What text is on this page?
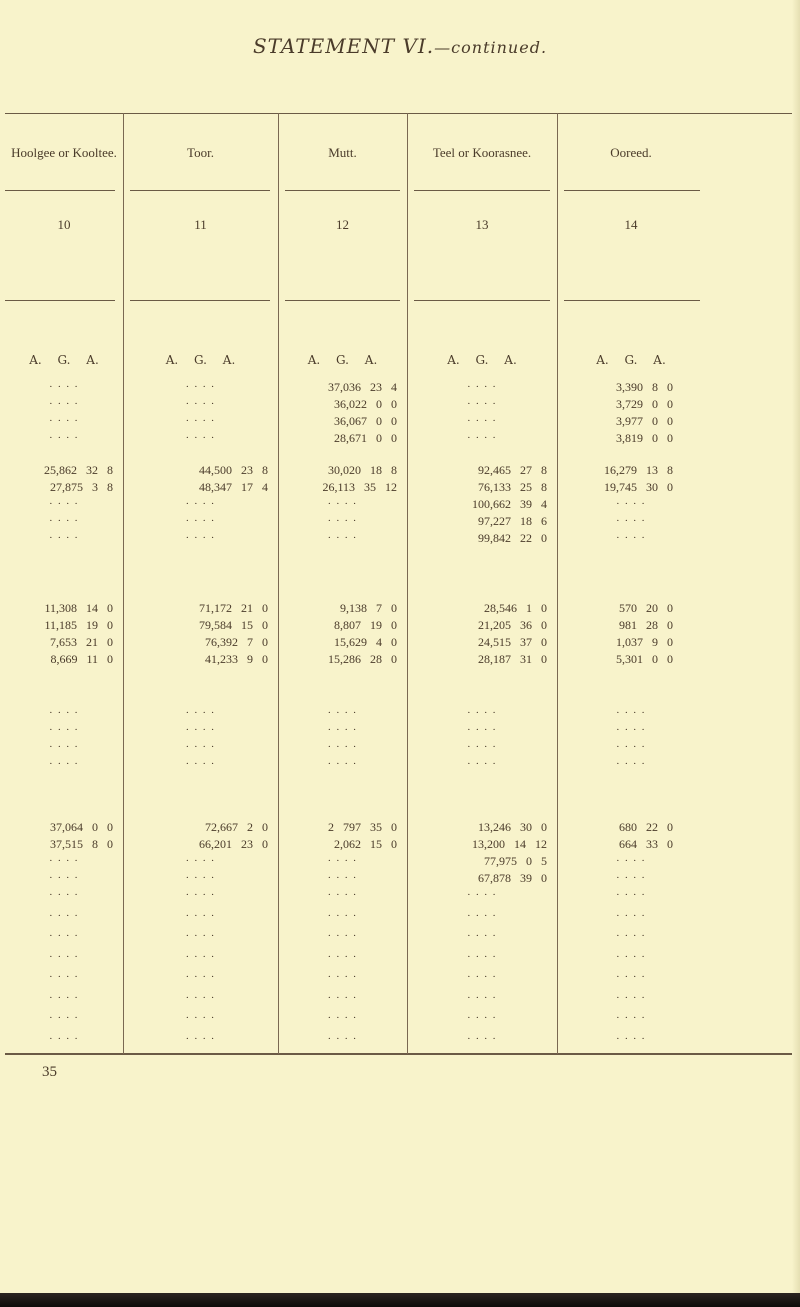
STATEMENT VI.—continued.
Hoolgee or Kooltee.
10
A. G. A.
· · · ·
· · · ·
· · · ·
· · · ·
25,862 32 8
27,875 3 8
· · · ·
· · · ·
· · · ·
11,308 14 0
11,185 19 0
7,653 21 0
8,669 11 0
· · · ·
· · · ·
· · · ·
· · · ·
37,064 0 0
37,515 8 0
· · · ·
· · · ·
· · · ·
· · · ·
· · · ·
· · · ·
· · · ·
· · · ·
· · · ·
· · · ·
Toor.
11
A. G. A.
· · · ·
· · · ·
· · · ·
· · · ·
44,500 23 8
48,347 17 4
· · · ·
· · · ·
· · · ·
71,172 21 0
79,584 15 0
76,392 7 0
41,233 9 0
· · · ·
· · · ·
· · · ·
· · · ·
72,667 2 0
66,201 23 0
· · · ·
· · · ·
· · · ·
· · · ·
· · · ·
· · · ·
· · · ·
· · · ·
· · · ·
· · · ·
Mutt.
12
A. G. A.
37,036 23 4
36,022 0 0
36,067 0 0
28,671 0 0
30,020 18 8
26,113 35 12
· · · ·
· · · ·
· · · ·
9,138 7 0
8,807 19 0
15,629 4 0
15,286 28 0
· · · ·
· · · ·
· · · ·
· · · ·
2 797 35 0
2,062 15 0
· · · ·
· · · ·
· · · ·
· · · ·
· · · ·
· · · ·
· · · ·
· · · ·
· · · ·
· · · ·
Teel or Koorasnee.
13
A. G. A.
· · · ·
· · · ·
· · · ·
· · · ·
92,465 27 8
76,133 25 8
100,662 39 4
97,227 18 6
99,842 22 0
28,546 1 0
21,205 36 0
24,515 37 0
28,187 31 0
· · · ·
· · · ·
· · · ·
· · · ·
13,246 30 0
13,200 14 12
77,975 0 5
67,878 39 0
· · · ·
· · · ·
· · · ·
· · · ·
· · · ·
· · · ·
· · · ·
· · · ·
Ooreed.
14
A. G. A.
3,390 8 0
3,729 0 0
3,977 0 0
3,819 0 0
16,279 13 8
19,745 30 0
· · · ·
· · · ·
· · · ·
570 20 0
981 28 0
1,037 9 0
5,301 0 0
· · · ·
· · · ·
· · · ·
· · · ·
680 22 0
664 33 0
· · · ·
· · · ·
· · · ·
· · · ·
· · · ·
· · · ·
· · · ·
· · · ·
· · · ·
· · · ·
35
